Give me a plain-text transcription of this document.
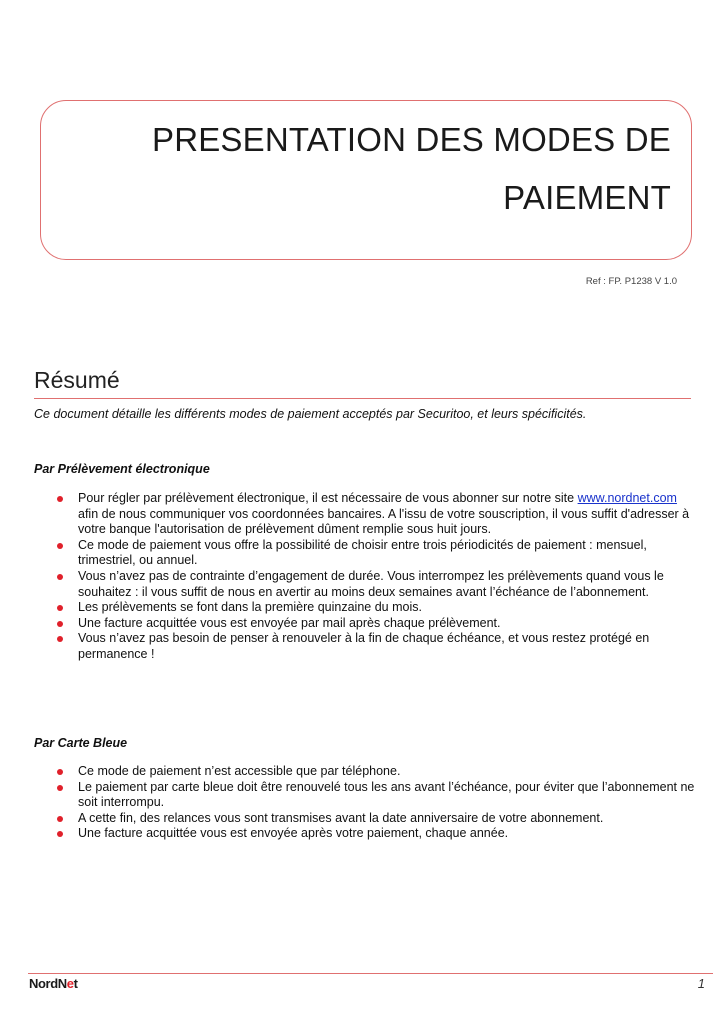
PRESENTATION DES MODES DE
PAIEMENT
Ref : FP. P1238 V 1.0
Résumé
Ce document détaille les différents modes de paiement acceptés par Securitoo, et leurs spécificités.
Par Prélèvement électronique
Pour régler par prélèvement électronique, il est nécessaire de vous abonner sur notre site www.nordnet.com afin de nous communiquer vos coordonnées bancaires. A l'issu de votre souscription, il vous suffit d'adresser à votre banque l'autorisation de prélèvement dûment remplie sous huit jours.
Ce mode de paiement vous offre la possibilité de choisir entre trois périodicités de paiement : mensuel, trimestriel, ou annuel.
Vous n’avez pas de contrainte d’engagement de durée. Vous interrompez les prélèvements quand vous le souhaitez : il vous suffit de nous en avertir au moins deux semaines avant l’échéance de l’abonnement.
Les prélèvements se font dans la première quinzaine du mois.
Une facture acquittée vous est envoyée par mail après chaque prélèvement.
Vous n’avez pas besoin de penser à renouveler à la fin de chaque échéance, et vous restez protégé en permanence !
Par Carte Bleue
Ce mode de paiement n’est accessible que par téléphone.
Le paiement par carte bleue doit être renouvelé tous les ans avant l’échéance, pour éviter que l’abonnement ne soit interrompu.
A cette fin, des relances vous sont transmises avant la date anniversaire de votre abonnement.
Une facture acquittée vous est envoyée après votre paiement, chaque année.
NordNet	1
